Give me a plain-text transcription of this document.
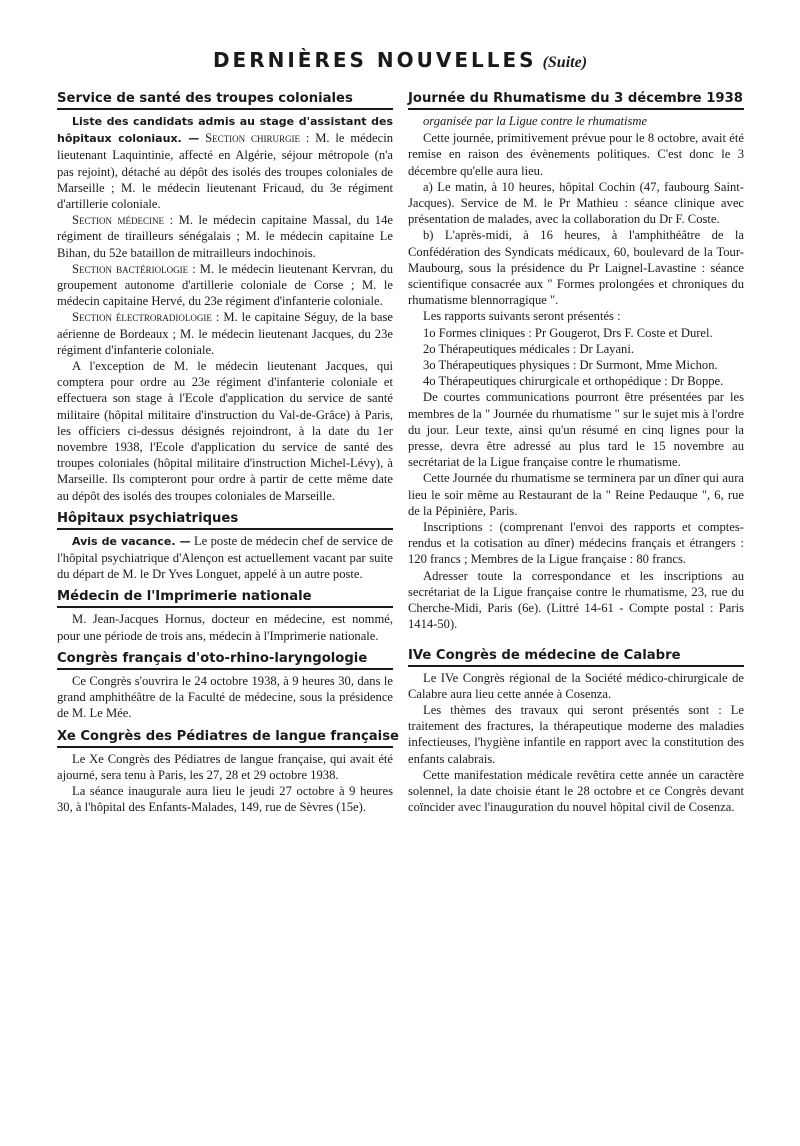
DERNIÈRES NOUVELLES (Suite)
Service de santé des troupes coloniales

Liste des candidats admis au stage d'assistant des hôpitaux coloniaux. — Section chirurgie : M. le médecin lieutenant Laquintinie, affecté en Algérie, séjour métropole (n'a pas rejoint), détaché au dépôt des isolés des troupes coloniales de Marseille ; M. le médecin lieutenant Fricaud, du 3e régiment d'artillerie coloniale.

Section médecine : M. le médecin capitaine Massal, du 14e régiment de tirailleurs sénégalais ; M. le médecin capitaine Le Bihan, du 52e bataillon de mitrailleurs indochinois.

Section bactériologie : M. le médecin lieutenant Kervran, du groupement autonome d'artillerie coloniale de Corse ; M. le médecin capitaine Hervé, du 23e régiment d'infanterie coloniale.

Section électroradiologie : M. le capitaine Séguy, de la base aérienne de Bordeaux ; M. le médecin lieutenant Jacques, du 23e régiment d'infanterie coloniale.

A l'exception de M. le médecin lieutenant Jacques, qui comptera pour ordre au 23e régiment d'infanterie coloniale et effectuera son stage à l'Ecole d'application du service de santé militaire (hôpital militaire d'instruction du Val-de-Grâce) à Paris, les officiers ci-dessus désignés rejoindront, à la date du 1er novembre 1938, l'Ecole d'application du service de santé des troupes coloniales (hôpital militaire d'instruction Michel-Lévy), à Marseille. Ils compteront pour ordre à partir de cette même date au dépôt des isolés des troupes coloniales de Marseille.

Hôpitaux psychiatriques

Avis de vacance. — Le poste de médecin chef de service de l'hôpital psychiatrique d'Alençon est actuellement vacant par suite du départ de M. le Dr Yves Longuet, appelé à un autre poste.

Médecin de l'Imprimerie nationale

M. Jean-Jacques Hornus, docteur en médecine, est nommé, pour une période de trois ans, médecin à l'Imprimerie nationale.

Congrès français d'oto-rhino-laryngologie

Ce Congrès s'ouvrira le 24 octobre 1938, à 9 heures 30, dans le grand amphithéâtre de la Faculté de médecine, sous la présidence de M. Le Mée.

Xe Congrès des Pédiatres de langue française

Le Xe Congrès des Pédiatres de langue française, qui avait été ajourné, sera tenu à Paris, les 27, 28 et 29 octobre 1938.

La séance inaugurale aura lieu le jeudi 27 octobre à 9 heures 30, à l'hôpital des Enfants-Malades, 149, rue de Sèvres (15e).

Journée du Rhumatisme du 3 décembre 1938
organisée par la Ligue contre le rhumatisme

Cette journée, primitivement prévue pour le 8 octobre, avait été remise en raison des évènements politiques. C'est donc le 3 décembre qu'elle aura lieu.

a) Le matin, à 10 heures, hôpital Cochin (47, faubourg Saint-Jacques). Service de M. le Pr Mathieu : séance clinique avec présentation de malades, avec la collaboration du Dr F. Coste.

b) L'après-midi, à 16 heures, à l'amphithéâtre de la Confédération des Syndicats médicaux, 60, boulevard de la Tour-Maubourg, sous la présidence du Pr Laignel-Lavastine : séance scientifique consacrée aux " Formes prolongées et chroniques du rhumatisme blennorragique ".

Les rapports suivants seront présentés :

1o Formes cliniques : Pr Gougerot, Drs F. Coste et Durel.

2o Thérapeutiques médicales : Dr Layani.

3o Thérapeutiques physiques : Dr Surmont, Mme Michon.

4o Thérapeutiques chirurgicale et orthopédique : Dr Boppe.

De courtes communications pourront être présentées par les membres de la " Journée du rhumatisme " sur le sujet mis à l'ordre du jour. Leur texte, ainsi qu'un résumé en cinq lignes pour la presse, devra être adressé au plus tard le 15 novembre au secrétariat de la Ligue française contre le rhumatisme.

Cette Journée du rhumatisme se terminera par un dîner qui aura lieu le soir même au Restaurant de la " Reine Pedauque ", 6, rue de la Pépinière, Paris.

Inscriptions : (comprenant l'envoi des rapports et comptes-rendus et la cotisation au dîner) médecins français et étrangers : 120 francs ; Membres de la Ligue française : 80 francs.

Adresser toute la correspondance et les inscriptions au secrétariat de la Ligue française contre le rhumatisme, 23, rue du Cherche-Midi, Paris (6e). (Littré 14-61 - Compte postal : Paris 1414-50).

IVe Congrès de médecine de Calabre

Le IVe Congrès régional de la Société médico-chirurgicale de Calabre aura lieu cette année à Cosenza.

Les thèmes des travaux qui seront présentés sont : Le traitement des fractures, la thérapeutique moderne des maladies infectieuses, l'hygiène infantile en rapport avec la constitution des enfants calabrais.

Cette manifestation médicale revêtira cette année un caractère solennel, la date choisie étant le 28 octobre et ce Congrès devant coïncider avec l'inauguration du nouvel hôpital civil de Cosenza.
